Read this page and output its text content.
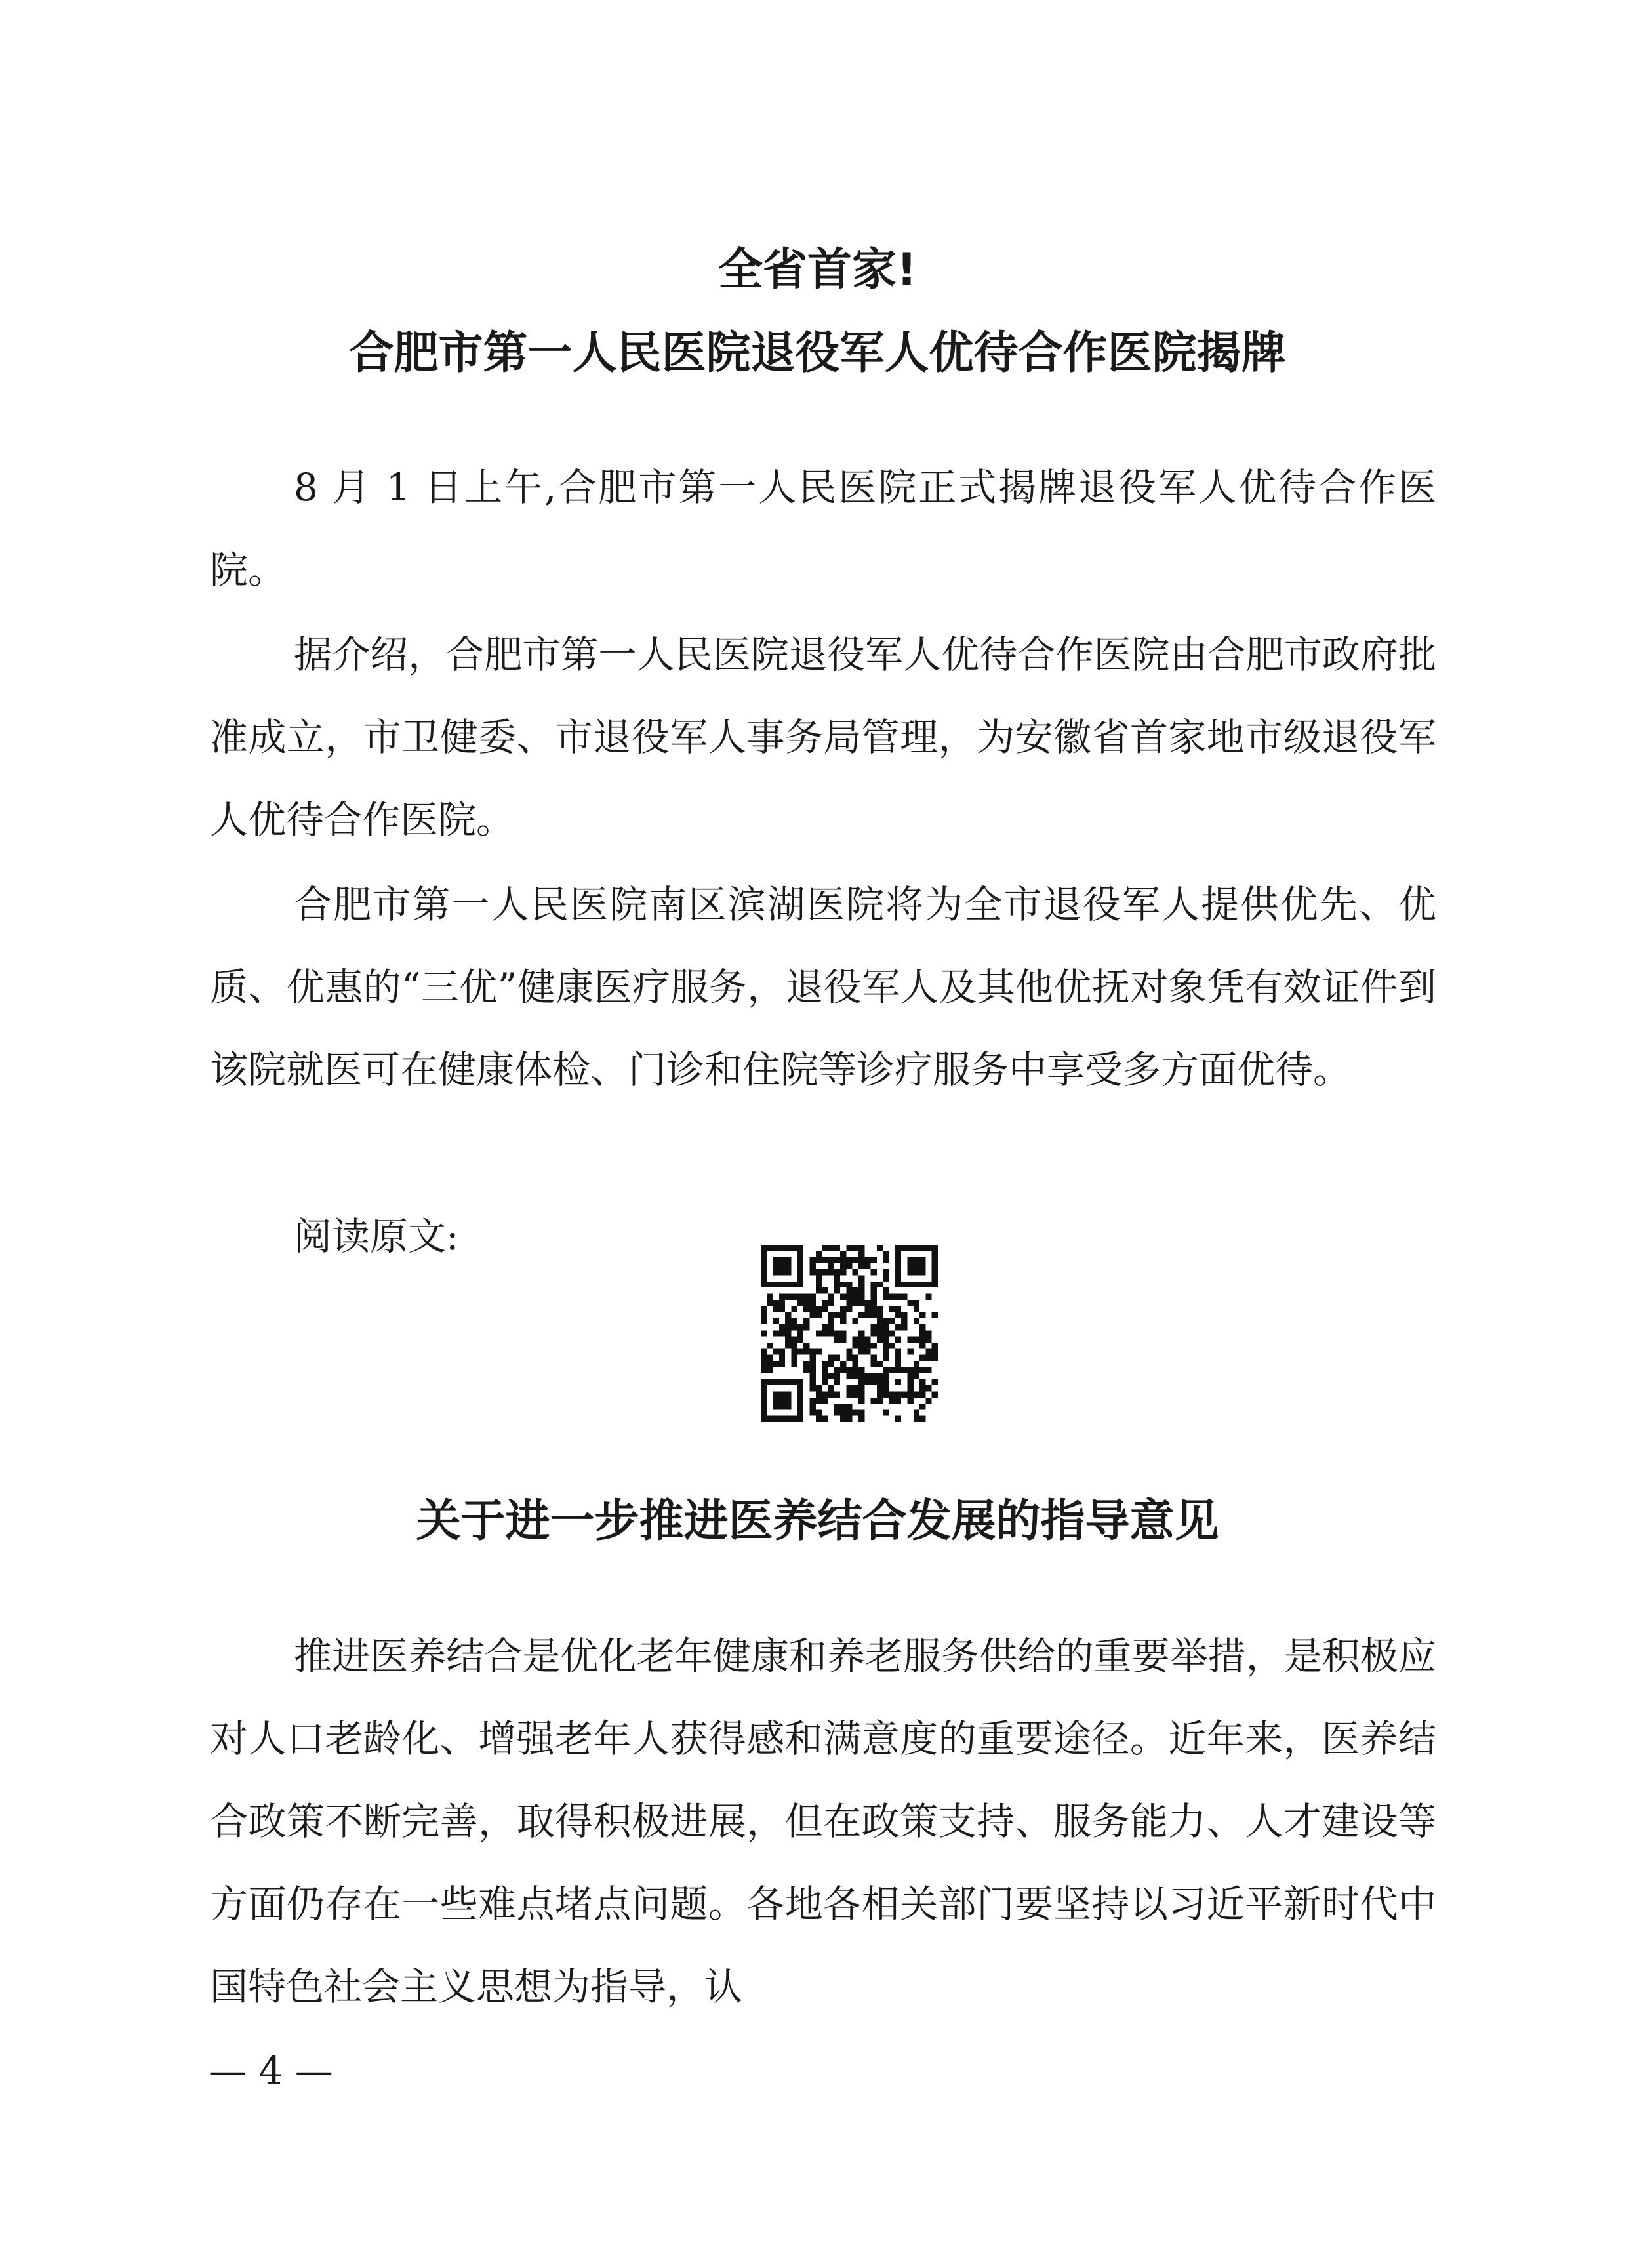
全省首家!
合肥市第一人民医院退役军人优待合作医院揭牌

8 月 1 日上午,合肥市第一人民医院正式揭牌退役军人优待合作医院。

据介绍，合肥市第一人民医院退役军人优待合作医院由合肥市政府批准成立，市卫健委、市退役军人事务局管理，为安徽省首家地市级退役军人优待合作医院。

合肥市第一人民医院南区滨湖医院将为全市退役军人提供优先、优质、优惠的“三优”健康医疗服务，退役军人及其他优抚对象凭有效证件到该院就医可在健康体检、门诊和住院等诊疗服务中享受多方面优待。

阅读原文:

关于进一步推进医养结合发展的指导意见

推进医养结合是优化老年健康和养老服务供给的重要举措，是积极应对人口老龄化、增强老年人获得感和满意度的重要途径。近年来，医养结合政策不断完善，取得积极进展，但在政策支持、服务能力、人才建设等方面仍存在一些难点堵点问题。各地各相关部门要坚持以习近平新时代中国特色社会主义思想为指导，认

— 4 —
